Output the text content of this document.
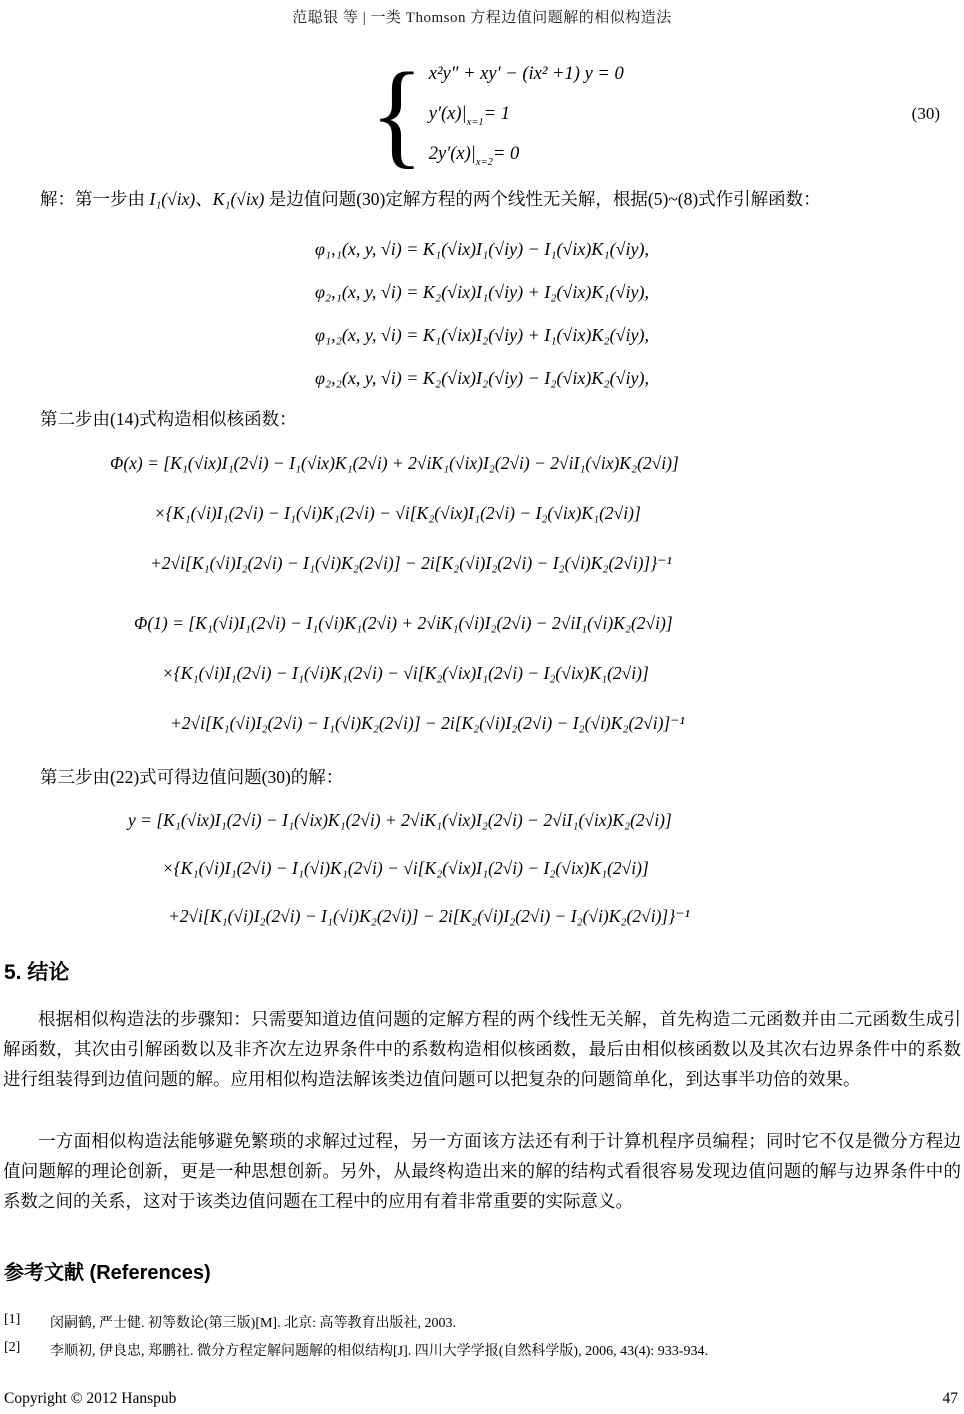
范聪银 等 | 一类 Thomson 方程边值问题解的相似构造法
{ x²y″ + xy′ − (ix² +1) y = 0
y′(x)| x=1 = 1
2y′(x)| x=2 = 0
(30)

解：第一步由 I₁(√ix)、K₁(√ix) 是边值问题(30)定解方程的两个线性无关解，根据(5)~(8)式作引解函数：

φ₁,₁(x, y, √i) = K₁(√ix)I₁(√iy) − I₁(√ix)K₁(√iy),
φ₂,₁(x, y, √i) = K₂(√ix)I₁(√iy) + I₂(√ix)K₁(√iy),
φ₁,₂(x, y, √i) = K₁(√ix)I₂(√iy) + I₁(√ix)K₂(√iy),
φ₂,₂(x, y, √i) = K₂(√ix)I₂(√iy) − I₂(√ix)K₂(√iy),

第二步由(14)式构造相似核函数：

Φ(x) = [K₁(√ix)I₁(2√i) − I₁(√ix)K₁(2√i) + 2√iK₁(√ix)I₂(2√i) − 2√iI₁(√ix)K₂(2√i)]
×{K₁(√i)I₁(2√i) − I₁(√i)K₁(2√i) − √i[K₂(√ix)I₁(2√i) − I₂(√ix)K₁(2√i)]
+2√i[K₁(√i)I₂(2√i) − I₁(√i)K₂(2√i)] − 2i[K₂(√i)I₂(2√i) − I₂(√i)K₂(2√i)]}⁻¹
Φ(1) = [K₁(√i)I₁(2√i) − I₁(√i)K₁(2√i) + 2√iK₁(√i)I₂(2√i) − 2√iI₁(√i)K₂(2√i)]
×{K₁(√i)I₁(2√i) − I₁(√i)K₁(2√i) − √i[K₂(√ix)I₁(2√i) − I₂(√ix)K₁(2√i)]
+2√i[K₁(√i)I₂(2√i) − I₁(√i)K₂(2√i)] − 2i[K₂(√i)I₂(2√i) − I₂(√i)K₂(2√i)]⁻¹

第三步由(22)式可得边值问题(30)的解：

y = [K₁(√ix)I₁(2√i) − I₁(√ix)K₁(2√i) + 2√iK₁(√ix)I₂(2√i) − 2√iI₁(√ix)K₂(2√i)]
×{K₁(√i)I₁(2√i) − I₁(√i)K₁(2√i) − √i[K₂(√ix)I₁(2√i) − I₂(√ix)K₁(2√i)]
+2√i[K₁(√i)I₂(2√i) − I₁(√i)K₂(2√i)] − 2i[K₂(√i)I₂(2√i) − I₂(√i)K₂(2√i)]}⁻¹
5. 结论

根据相似构造法的步骤知：只需要知道边值问题的定解方程的两个线性无关解，首先构造二元函数并由二元函数生成引解函数，其次由引解函数以及非齐次左边界条件中的系数构造相似核函数，最后由相似核函数以及其次右边界条件中的系数进行组装得到边值问题的解。应用相似构造法解该类边值问题可以把复杂的问题简单化，到达事半功倍的效果。

一方面相似构造法能够避免繁琐的求解过过程，另一方面该方法还有利于计算机程序员编程；同时它不仅是微分方程边值问题解的理论创新，更是一种思想创新。另外，从最终构造出来的解的结构式看很容易发现边值问题的解与边界条件中的系数之间的关系，这对于该类边值问题在工程中的应用有着非常重要的实际意义。

参考文献 (References)
[1]	闵嗣鹤, 严士健. 初等数论(第三版)[M]. 北京: 高等教育出版社, 2003.
[2]	李顺初, 伊良忠, 郑鹏社. 微分方程定解问题解的相似结构[J]. 四川大学学报(自然科学版), 2006, 43(4): 933-934.
Copyright © 2012 Hanspub	47
